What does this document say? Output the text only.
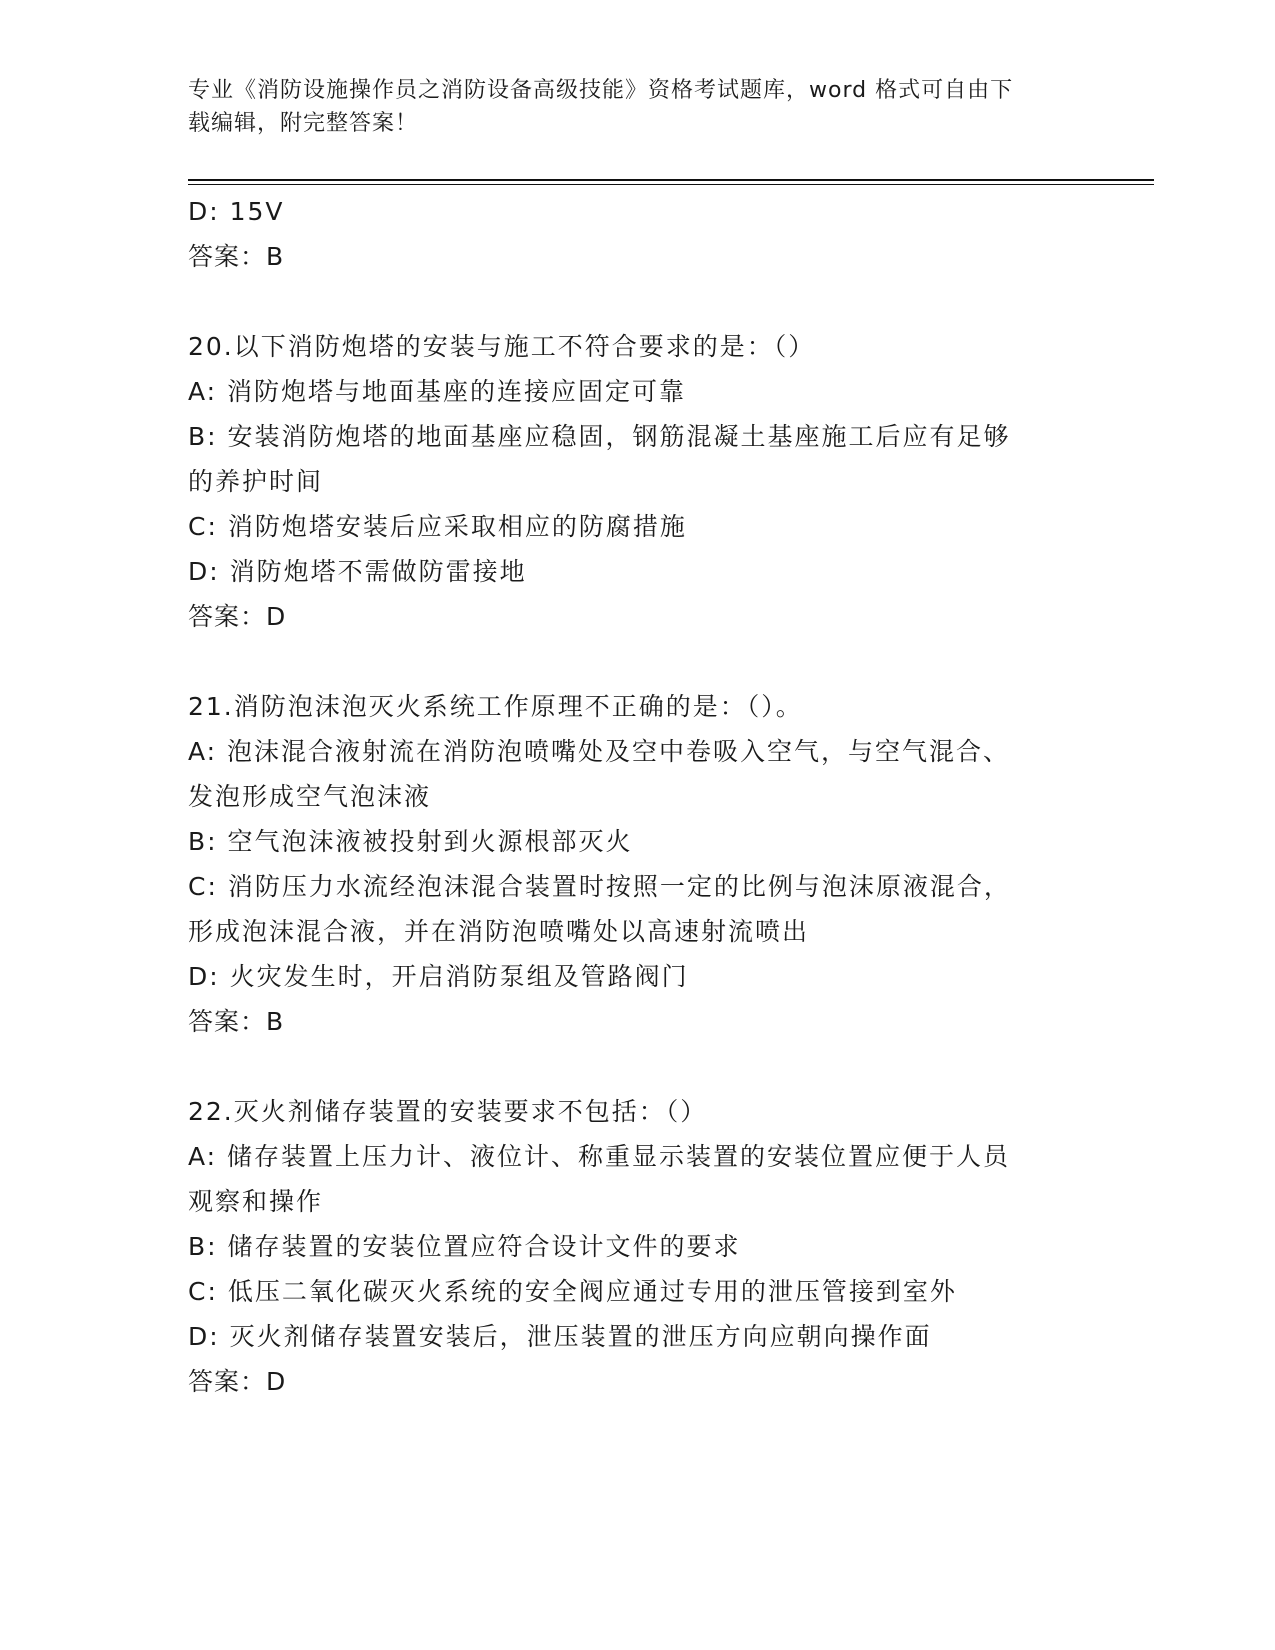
专业《消防设施操作员之消防设备高级技能》资格考试题库，word 格式可自由下
载编辑，附完整答案！

D: 15V

答案：B

20.以下消防炮塔的安装与施工不符合要求的是：（）

A: 消防炮塔与地面基座的连接应固定可靠

B: 安装消防炮塔的地面基座应稳固，钢筋混凝土基座施工后应有足够

的养护时间

C: 消防炮塔安装后应采取相应的防腐措施

D: 消防炮塔不需做防雷接地

答案：D

21.消防泡沫泡灭火系统工作原理不正确的是：（）。

A: 泡沫混合液射流在消防泡喷嘴处及空中卷吸入空气，与空气混合、

发泡形成空气泡沫液

B: 空气泡沫液被投射到火源根部灭火

C: 消防压力水流经泡沫混合装置时按照一定的比例与泡沫原液混合，

形成泡沫混合液，并在消防泡喷嘴处以高速射流喷出

D: 火灾发生时，开启消防泵组及管路阀门

答案：B

22.灭火剂储存装置的安装要求不包括：（）

A: 储存装置上压力计、液位计、称重显示装置的安装位置应便于人员

观察和操作

B: 储存装置的安装位置应符合设计文件的要求

C: 低压二氧化碳灭火系统的安全阀应通过专用的泄压管接到室外

D: 灭火剂储存装置安装后，泄压装置的泄压方向应朝向操作面

答案：D
